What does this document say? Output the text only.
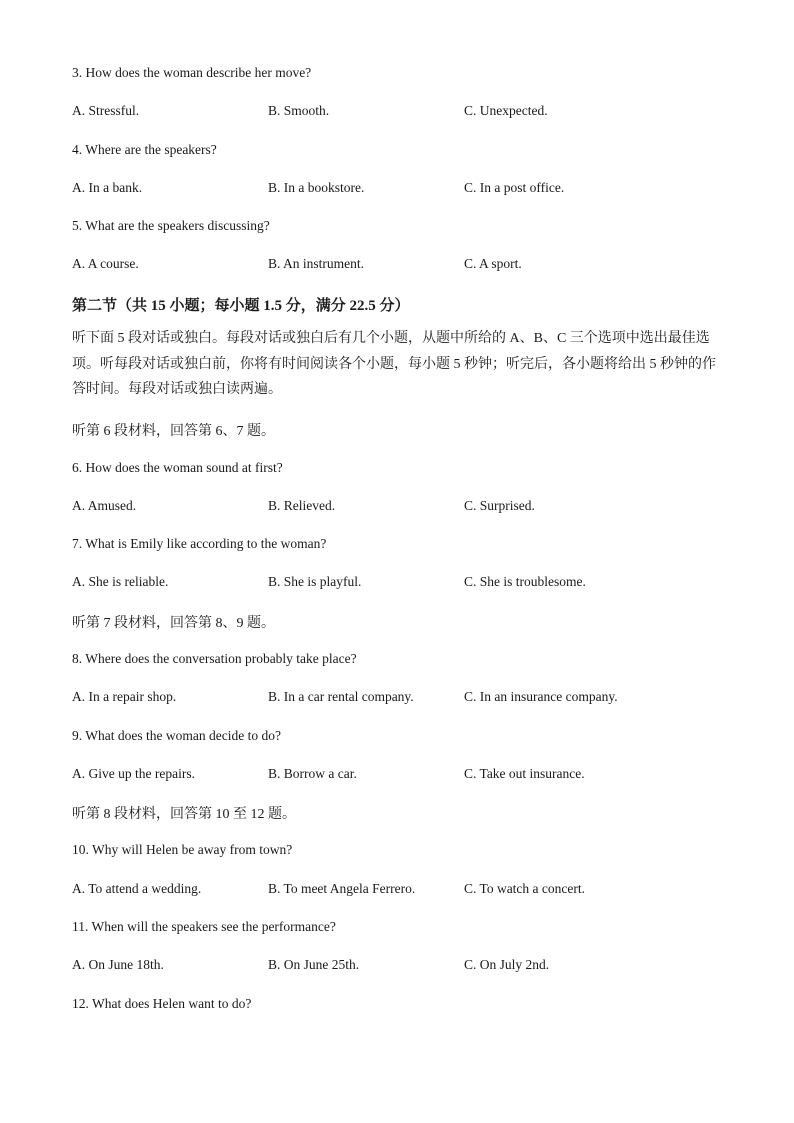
3. How does the woman describe her move?
A. Stressful.	B. Smooth.	C. Unexpected.
4. Where are the speakers?
A. In a bank.	B. In a bookstore.	C. In a post office.
5. What are the speakers discussing?
A. A course.	B. An instrument.	C. A sport.
第二节（共 15 小题；每小题 1.5 分，满分 22.5 分）
听下面 5 段对话或独白。每段对话或独白后有几个小题，从题中所给的 A、B、C 三个选项中选出最佳选项。听每段对话或独白前，你将有时间阅读各个小题，每小题 5 秒钟；听完后，各小题将给出 5 秒钟的作答时间。每段对话或独白读两遍。
听第 6 段材料，回答第 6、7 题。
6. How does the woman sound at first?
A. Amused.	B. Relieved.	C. Surprised.
7. What is Emily like according to the woman?
A. She is reliable.	B. She is playful.	C. She is troublesome.
听第 7 段材料，回答第 8、9 题。
8. Where does the conversation probably take place?
A. In a repair shop.	B. In a car rental company.	C. In an insurance company.
9. What does the woman decide to do?
A. Give up the repairs.	B. Borrow a car.	C. Take out insurance.
听第 8 段材料，回答第 10 至 12 题。
10. Why will Helen be away from town?
A. To attend a wedding.	B. To meet Angela Ferrero.	C. To watch a concert.
11. When will the speakers see the performance?
A. On June 18th.	B. On June 25th.	C. On July 2nd.
12. What does Helen want to do?
